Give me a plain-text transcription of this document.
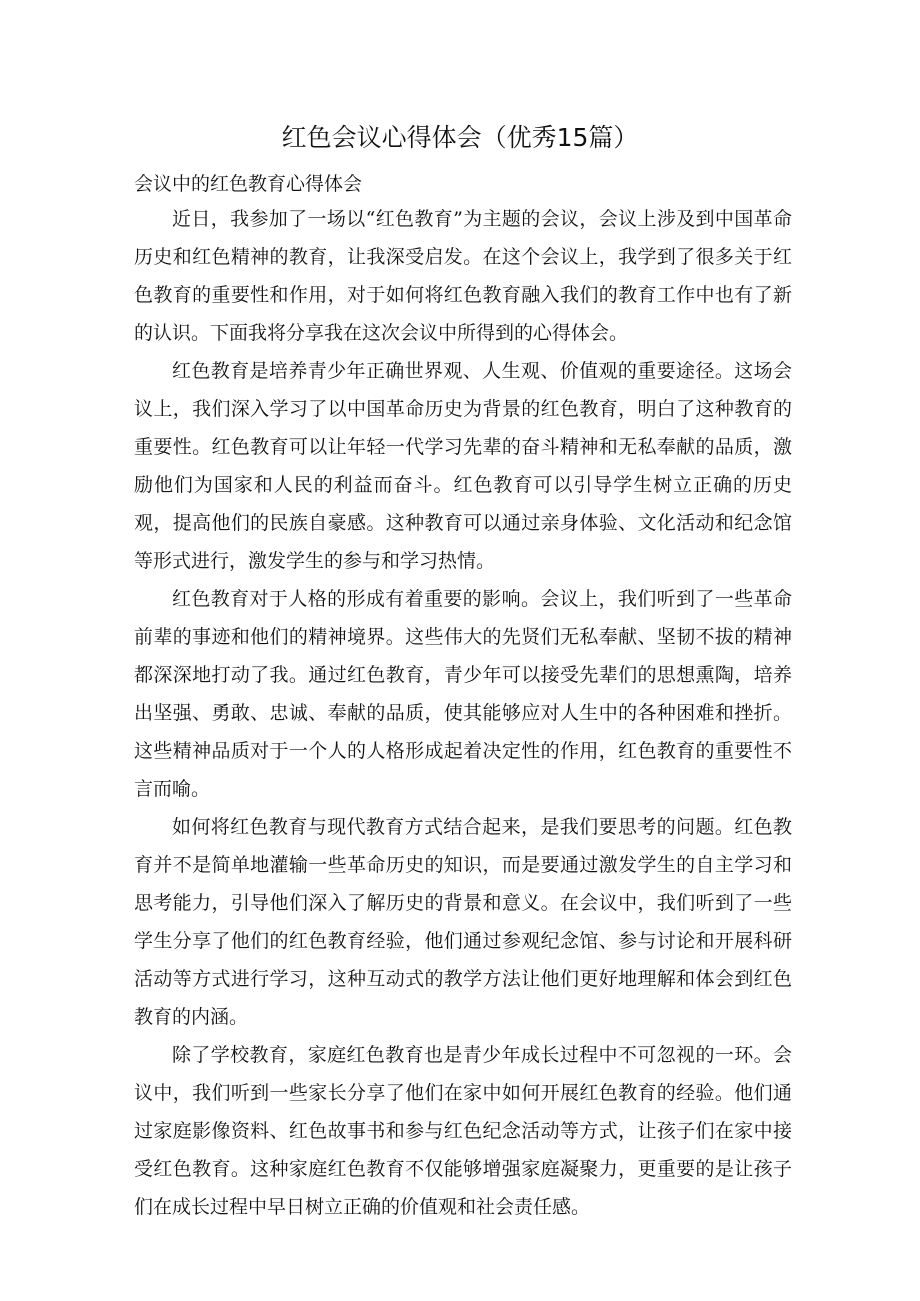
红色会议心得体会（优秀15篇）
会议中的红色教育心得体会

近日，我参加了一场以“红色教育”为主题的会议，会议上涉及到中国革命历史和红色精神的教育，让我深受启发。在这个会议上，我学到了很多关于红色教育的重要性和作用，对于如何将红色教育融入我们的教育工作中也有了新的认识。下面我将分享我在这次会议中所得到的心得体会。

红色教育是培养青少年正确世界观、人生观、价值观的重要途径。这场会议上，我们深入学习了以中国革命历史为背景的红色教育，明白了这种教育的重要性。红色教育可以让年轻一代学习先辈的奋斗精神和无私奉献的品质，激励他们为国家和人民的利益而奋斗。红色教育可以引导学生树立正确的历史观，提高他们的民族自豪感。这种教育可以通过亲身体验、文化活动和纪念馆等形式进行，激发学生的参与和学习热情。

红色教育对于人格的形成有着重要的影响。会议上，我们听到了一些革命前辈的事迹和他们的精神境界。这些伟大的先贤们无私奉献、坚韧不拔的精神都深深地打动了我。通过红色教育，青少年可以接受先辈们的思想熏陶，培养出坚强、勇敢、忠诚、奉献的品质，使其能够应对人生中的各种困难和挫折。这些精神品质对于一个人的人格形成起着决定性的作用，红色教育的重要性不言而喻。

如何将红色教育与现代教育方式结合起来，是我们要思考的问题。红色教育并不是简单地灌输一些革命历史的知识，而是要通过激发学生的自主学习和思考能力，引导他们深入了解历史的背景和意义。在会议中，我们听到了一些学生分享了他们的红色教育经验，他们通过参观纪念馆、参与讨论和开展科研活动等方式进行学习，这种互动式的教学方法让他们更好地理解和体会到红色教育的内涵。

除了学校教育，家庭红色教育也是青少年成长过程中不可忽视的一环。会议中，我们听到一些家长分享了他们在家中如何开展红色教育的经验。他们通过家庭影像资料、红色故事书和参与红色纪念活动等方式，让孩子们在家中接受红色教育。这种家庭红色教育不仅能够增强家庭凝聚力，更重要的是让孩子们在成长过程中早日树立正确的价值观和社会责任感。
